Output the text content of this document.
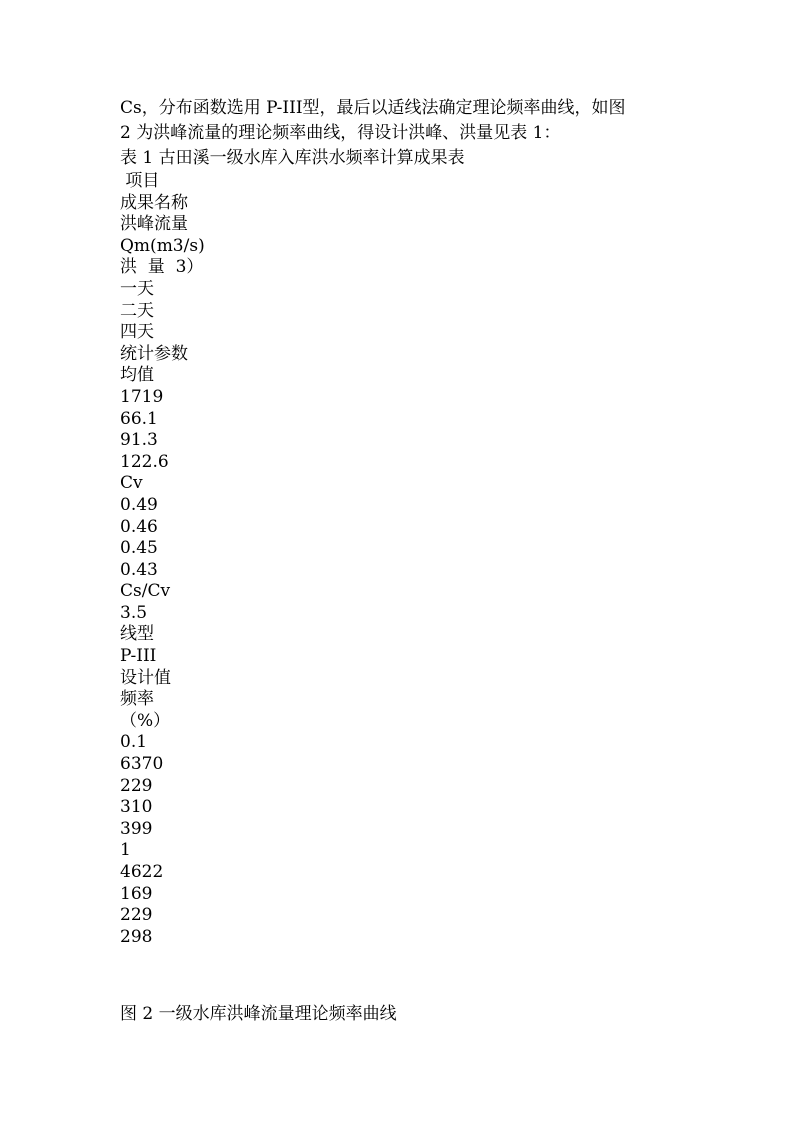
Cs，分布函数选用 P-III型，最后以适线法确定理论频率曲线，如图

2 为洪峰流量的理论频率曲线，得设计洪峰、洪量见表 1：

表 1 古田溪一级水库入库洪水频率计算成果表

项目
成果名称
洪峰流量
Qm(m3/s)
洪  量  3）
一天
二天
四天
统计参数
均值
1719
66.1
91.3
122.6
Cv
0.49
0.46
0.45
0.43
Cs/Cv
3.5
线型
P-III
设计值
频率
（%）
0.1
6370
229
310
399
1
4622
169
229
298

图 2 一级水库洪峰流量理论频率曲线
